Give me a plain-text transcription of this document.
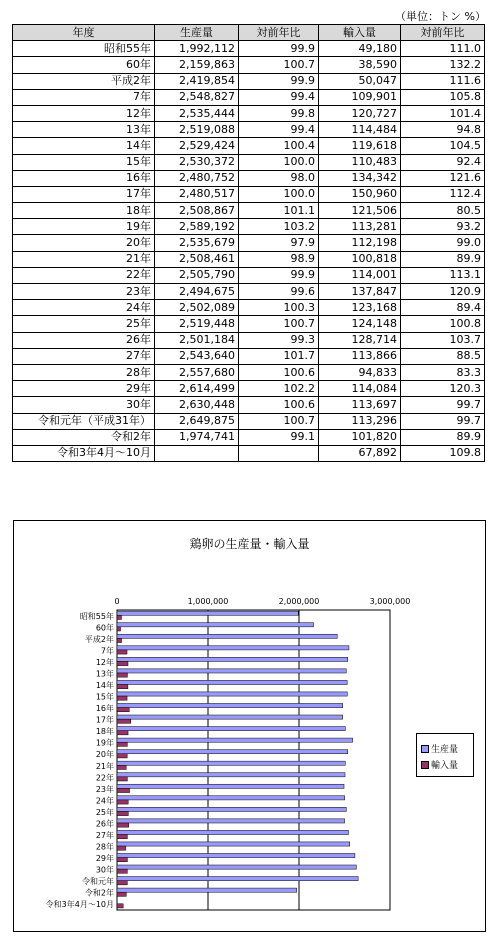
（単位：トン %）
年度	生産量	対前年比	輸入量	対前年比
昭和55年	1,992,112	99.9	49,180	111.0
60年	2,159,863	100.7	38,590	132.2
平成2年	2,419,854	99.9	50,047	111.6
7年	2,548,827	99.4	109,901	105.8
12年	2,535,444	99.8	120,727	101.4
13年	2,519,088	99.4	114,484	94.8
14年	2,529,424	100.4	119,618	104.5
15年	2,530,372	100.0	110,483	92.4
16年	2,480,752	98.0	134,342	121.6
17年	2,480,517	100.0	150,960	112.4
18年	2,508,867	101.1	121,506	80.5
19年	2,589,192	103.2	113,281	93.2
20年	2,535,679	97.9	112,198	99.0
21年	2,508,461	98.9	100,818	89.9
22年	2,505,790	99.9	114,001	113.1
23年	2,494,675	99.6	137,847	120.9
24年	2,502,089	100.3	123,168	89.4
25年	2,519,448	100.7	124,148	100.8
26年	2,501,184	99.3	128,714	103.7
27年	2,543,640	101.7	113,866	88.5
28年	2,557,680	100.6	94,833	83.3
29年	2,614,499	102.2	114,084	120.3
30年	2,630,448	100.6	113,697	99.7
令和元年（平成31年）	2,649,875	100.7	113,296	99.7
令和2年	1,974,741	99.1	101,820	89.9
令和3年4月～10月			67,892	109.8
鶏卵の生産量・輸入量
0	1,000,000	2,000,000	3,000,000
昭和55年
60年
平成2年
7年
12年
13年
14年
15年
16年
17年
18年
19年
20年
21年
22年
23年
24年
25年
26年
27年
28年
29年
30年
令和元年
令和2年
令和3年4月～10月
生産量
輸入量
